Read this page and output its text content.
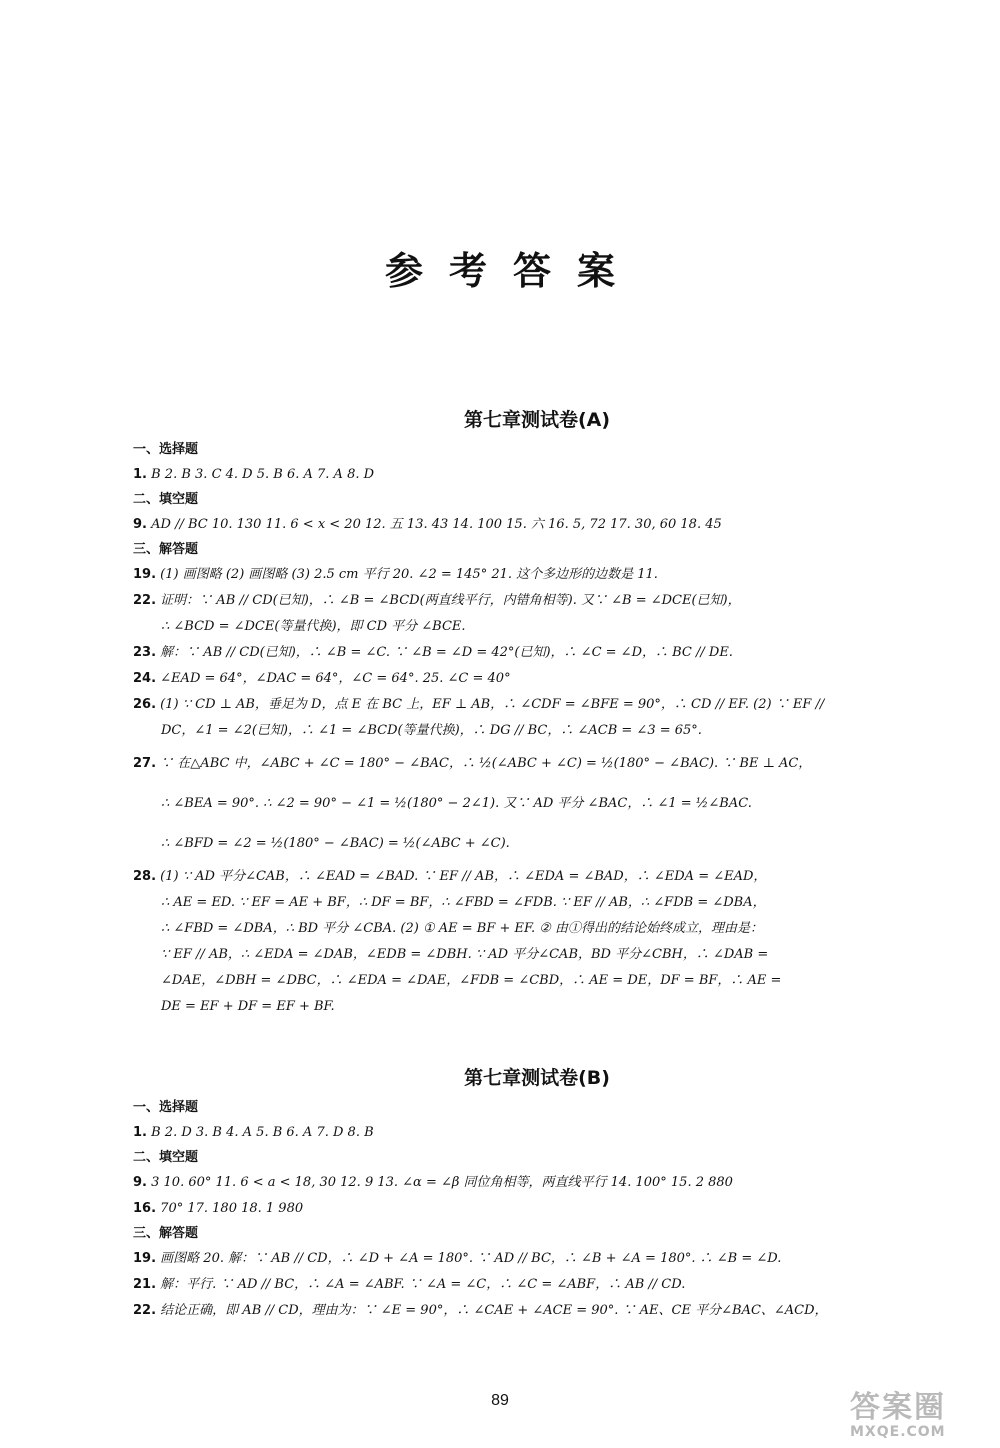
参考答案
第七章测试卷(A)
一、选择题
1. B 2. B 3. C 4. D 5. B 6. A 7. A 8. D
二、填空题
9. AD // BC 10. 130 11. 6 < x < 20 12. 五 13. 43 14. 100 15. 六 16. 5, 72 17. 30, 60 18. 45
三、解答题
19. (1) 画图略 (2) 画图略 (3) 2.5 cm 平行 20. ∠2 = 145° 21. 这个多边形的边数是 11.
22. 证明：∵ AB // CD(已知)，∴ ∠B = ∠BCD(两直线平行，内错角相等). 又∵ ∠B = ∠DCE(已知)，
∴ ∠BCD = ∠DCE(等量代换)，即 CD 平分 ∠BCE.
23. 解：∵ AB // CD(已知)，∴ ∠B = ∠C. ∵ ∠B = ∠D = 42°(已知)，∴ ∠C = ∠D，∴ BC // DE.
24. ∠EAD = 64°，∠DAC = 64°，∠C = 64°. 25. ∠C = 40°
26. (1) ∵ CD ⊥ AB，垂足为 D，点 E 在 BC 上，EF ⊥ AB，∴ ∠CDF = ∠BFE = 90°，∴ CD // EF. (2) ∵ EF //
DC，∠1 = ∠2(已知)，∴ ∠1 = ∠BCD(等量代换)，∴ DG // BC，∴ ∠ACB = ∠3 = 65°.
27. ∵ 在△ABC 中，∠ABC + ∠C = 180° − ∠BAC，∴ ½(∠ABC + ∠C) = ½(180° − ∠BAC). ∵ BE ⊥ AC，
∴ ∠BEA = 90°. ∴ ∠2 = 90° − ∠1 = ½(180° − 2∠1). 又∵ AD 平分 ∠BAC，∴ ∠1 = ½∠BAC.
∴ ∠BFD = ∠2 = ½(180° − ∠BAC) = ½(∠ABC + ∠C).
28. (1) ∵ AD 平分∠CAB，∴ ∠EAD = ∠BAD. ∵ EF // AB，∴ ∠EDA = ∠BAD，∴ ∠EDA = ∠EAD，
∴ AE = ED. ∵ EF = AE + BF，∴ DF = BF，∴ ∠FBD = ∠FDB. ∵ EF // AB，∴ ∠FDB = ∠DBA，
∴ ∠FBD = ∠DBA，∴ BD 平分 ∠CBA. (2) ① AE = BF + EF. ② 由①得出的结论始终成立，理由是：
∵ EF // AB，∴ ∠EDA = ∠DAB，∠EDB = ∠DBH. ∵ AD 平分∠CAB，BD 平分∠CBH，∴ ∠DAB =
∠DAE，∠DBH = ∠DBC，∴ ∠EDA = ∠DAE，∠FDB = ∠CBD，∴ AE = DE，DF = BF，∴ AE =
DE = EF + DF = EF + BF.
第七章测试卷(B)
一、选择题
1. B 2. D 3. B 4. A 5. B 6. A 7. D 8. B
二、填空题
9. 3 10. 60° 11. 6 < a < 18, 30 12. 9 13. ∠α = ∠β 同位角相等，两直线平行 14. 100° 15. 2 880
16. 70° 17. 180 18. 1 980
三、解答题
19. 画图略 20. 解：∵ AB // CD，∴ ∠D + ∠A = 180°. ∵ AD // BC，∴ ∠B + ∠A = 180°. ∴ ∠B = ∠D.
21. 解：平行. ∵ AD // BC，∴ ∠A = ∠ABF. ∵ ∠A = ∠C，∴ ∠C = ∠ABF，∴ AB // CD.
22. 结论正确，即 AB // CD，理由为：∵ ∠E = 90°，∴ ∠CAE + ∠ACE = 90°. ∵ AE、CE 平分∠BAC、∠ACD，
89	答案圈
MXQE.COM
